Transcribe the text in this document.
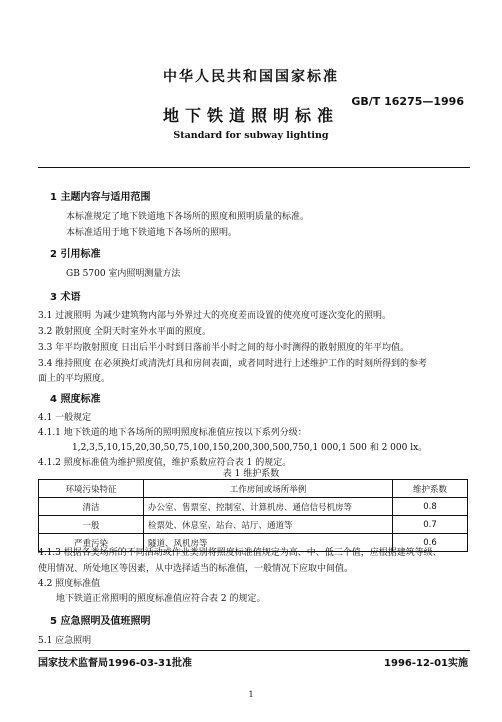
中华人民共和国国家标准
GB/T 16275—1996
地下铁道照明标准
Standard for subway lighting
1 主题内容与适用范围
本标准规定了地下铁道地下各场所的照度和照明质量的标准。
本标准适用于地下铁道地下各场所的照明。
2 引用标准
GB 5700 室内照明测量方法
3 术语
3.1 过渡照明 为减少建筑物内部与外界过大的亮度差而设置的使亮度可逐次变化的照明。
3.2 散射照度 全阴天时室外水平面的照度。
3.3 年平均散射照度 日出后半小时到日落前半小时之间的每小时测得的散射照度的年平均值。
3.4 维持照度 在必须换灯或清洗灯具和房间表面，或者同时进行上述维护工作的时刻所得到的参考
面上的平均照度。
4 照度标准
4.1 一般规定
4.1.1 地下铁道的地下各场所的照明照度标准值应按以下系列分级：
1,2,3,5,10,15,20,30,50,75,100,150,200,300,500,750,1 000,1 500 和 2 000 lx。
4.1.2 照度标准值为维护照度值，维护系数应符合表 1 的规定。
表 1 维护系数
环境污染特征	工作房间或场所举例	维护系数
清洁	办公室、售票室、控制室、计算机房、通信信号机房等	0.8
一般	检票处、休息室、站台、站厅、通道等	0.7
严重污染	隧道、风机房等	0.6
4.1.3 根据各类场所的不同活动或作业类别将照度标准值规定为高、中、低三个值，应根据建筑等级、
使用情况、所处地区等因素，从中选择适当的标准值，一般情况下应取中间值。
4.2 照度标准值
地下铁道正常照明的照度标准值应符合表 2 的规定。
5 应急照明及值班照明
5.1 应急照明
国家技术监督局1996-03-31批准	1996-12-01实施
1
